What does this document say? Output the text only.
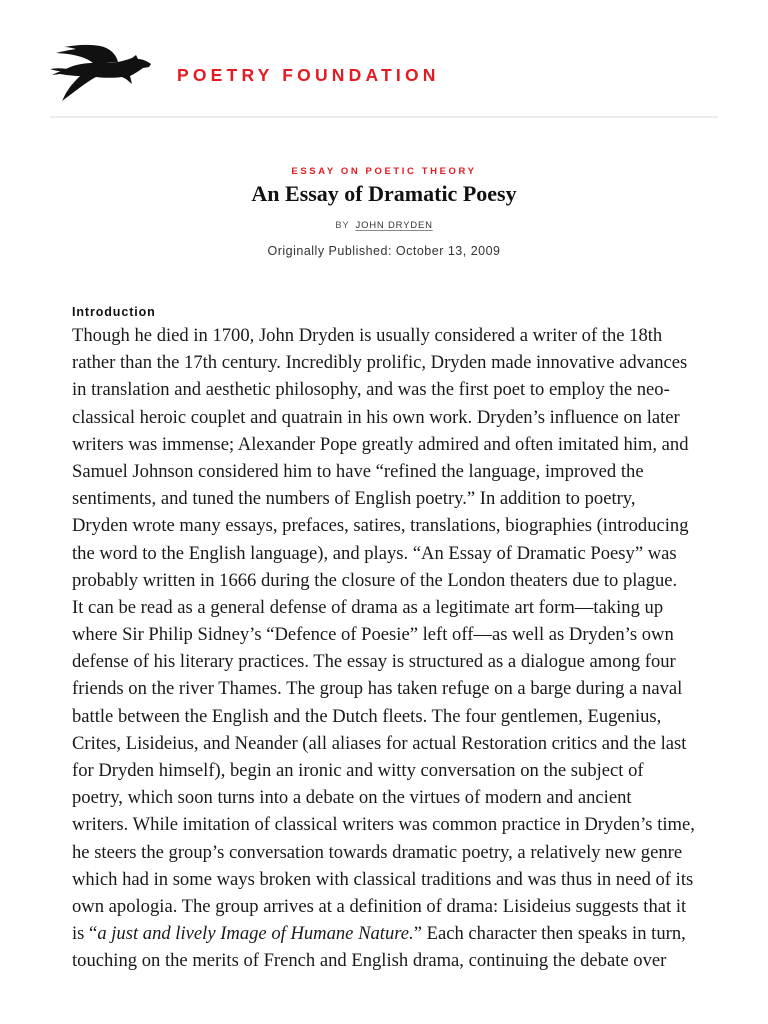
POETRY FOUNDATION
ESSAY ON POETIC THEORY
An Essay of Dramatic Poesy
BY JOHN DRYDEN
Originally Published: October 13, 2009
Introduction
Though he died in 1700, John Dryden is usually considered a writer of the 18th
rather than the 17th century. Incredibly prolific, Dryden made innovative advances
in translation and aesthetic philosophy, and was the first poet to employ the neo-
classical heroic couplet and quatrain in his own work. Dryden’s influence on later
writers was immense; Alexander Pope greatly admired and often imitated him, and
Samuel Johnson considered him to have “refined the language, improved the
sentiments, and tuned the numbers of English poetry.” In addition to poetry,
Dryden wrote many essays, prefaces, satires, translations, biographies (introducing
the word to the English language), and plays. “An Essay of Dramatic Poesy” was
probably written in 1666 during the closure of the London theaters due to plague.
It can be read as a general defense of drama as a legitimate art form—taking up
where Sir Philip Sidney’s “Defence of Poesie” left off—as well as Dryden’s own
defense of his literary practices. The essay is structured as a dialogue among four
friends on the river Thames. The group has taken refuge on a barge during a naval
battle between the English and the Dutch fleets. The four gentlemen, Eugenius,
Crites, Lisideius, and Neander (all aliases for actual Restoration critics and the last
for Dryden himself), begin an ironic and witty conversation on the subject of
poetry, which soon turns into a debate on the virtues of modern and ancient
writers. While imitation of classical writers was common practice in Dryden’s time,
he steers the group’s conversation towards dramatic poetry, a relatively new genre
which had in some ways broken with classical traditions and was thus in need of its
own apologia. The group arrives at a definition of drama: Lisideius suggests that it
is “a just and lively Image of Humane Nature.” Each character then speaks in turn,
touching on the merits of French and English drama, continuing the debate over
